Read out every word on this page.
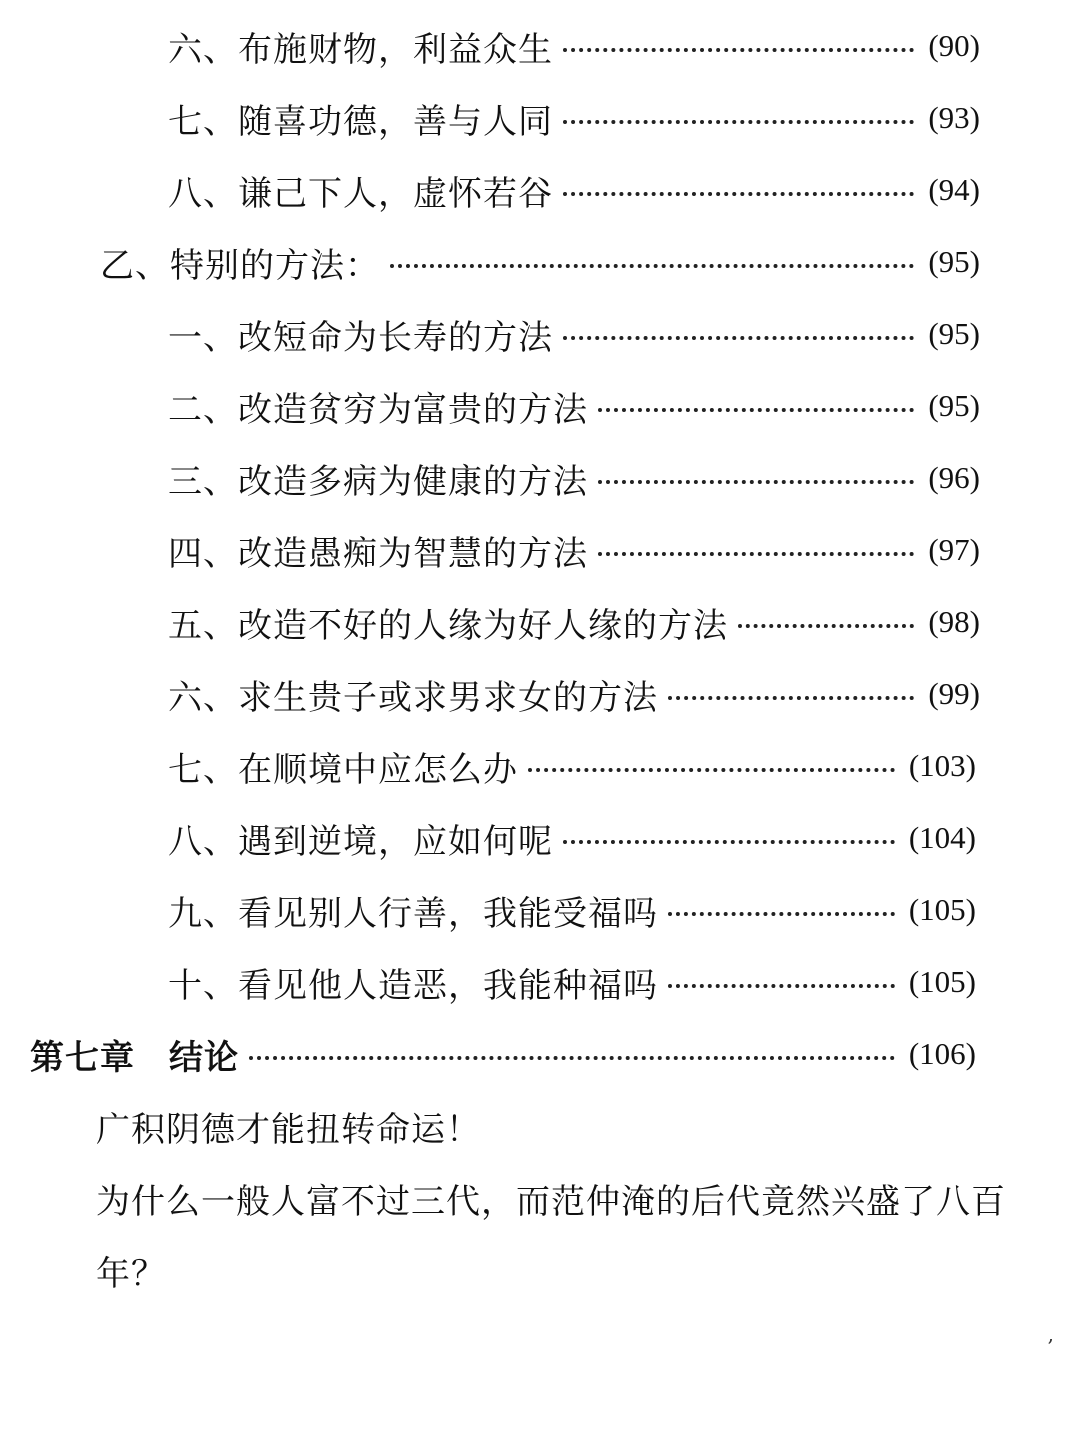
六、布施财物，利益众生	(90)
七、随喜功德，善与人同	(93)
八、谦己下人，虚怀若谷	(94)
乙、特别的方法：	(95)
一、改短命为长寿的方法	(95)
二、改造贫穷为富贵的方法	(95)
三、改造多病为健康的方法	(96)
四、改造愚痴为智慧的方法	(97)
五、改造不好的人缘为好人缘的方法	(98)
六、求生贵子或求男求女的方法	(99)
七、在顺境中应怎么办	(103)
八、遇到逆境，应如何呢	(104)
九、看见别人行善，我能受福吗	(105)
十、看见他人造恶，我能种福吗	(105)
第七章 结论	(106)
广积阴德才能扭转命运！
为什么一般人富不过三代，而范仲淹的后代竟然兴盛了八百
年？
,
